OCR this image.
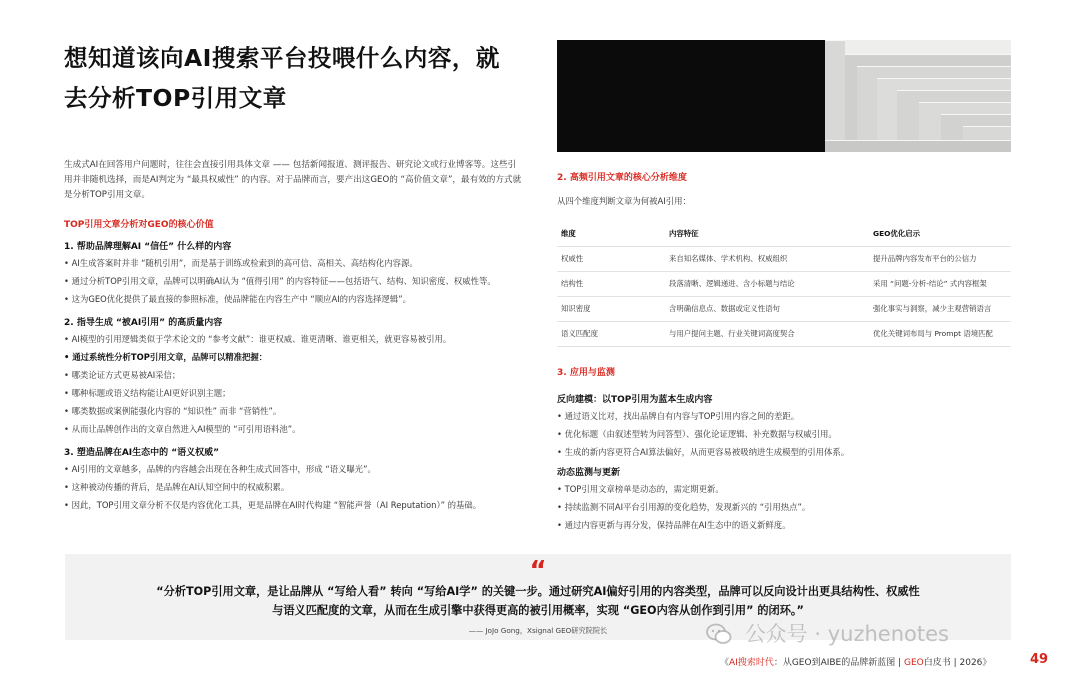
想知道该向AI搜索平台投喂什么内容，就
去分析TOP引用文章

生成式AI在回答用户问题时，往往会直接引用具体文章 —— 包括新闻报道、测评报告、研究论文或行业博客等。这些引用并非随机选择，而是AI判定为 “最具权威性” 的内容。对于品牌而言，要产出这GEO的 “高价值文章”，最有效的方式就是分析TOP引用文章。

TOP引用文章分析对GEO的核心价值
1. 帮助品牌理解AI “信任” 什么样的内容
• AI生成答案时并非 “随机引用”，而是基于训练或检索到的高可信、高相关、高结构化内容源。
• 通过分析TOP引用文章，品牌可以明确AI认为 “值得引用” 的内容特征——包括语气、结构、知识密度、权威性等。
• 这为GEO优化提供了最直接的参照标准，使品牌能在内容生产中 “顺应AI的内容选择逻辑”。
2. 指导生成 “被AI引用” 的高质量内容
• AI模型的引用逻辑类似于学术论文的 “参考文献”：谁更权威、谁更清晰、谁更相关，就更容易被引用。
• 通过系统性分析TOP引用文章，品牌可以精准把握：
• 哪类论证方式更易被AI采信；
• 哪种标题或语义结构能让AI更好识别主题；
• 哪类数据或案例能强化内容的 “知识性” 而非 “营销性”。
• 从而让品牌创作出的文章自然进入AI模型的 “可引用语料池”。
3. 塑造品牌在AI生态中的 “语义权威”
• AI引用的文章越多，品牌的内容越会出现在各种生成式回答中，形成 “语义曝光”。
• 这种被动传播的背后，是品牌在AI认知空间中的权威积累。
• 因此，TOP引用文章分析不仅是内容优化工具，更是品牌在AI时代构建 “智能声誉（AI Reputation）” 的基础。
2. 高频引用文章的核心分析维度
从四个维度判断文章为何被AI引用：
维度	内容特征	GEO优化启示
权威性	来自知名媒体、学术机构、权威组织	提升品牌内容发布平台的公信力
结构性	段落清晰、逻辑递进、含小标题与结论	采用 “问题-分析-结论” 式内容框架
知识密度	含明确信息点、数据或定义性语句	强化事实与洞察，减少主观营销语言
语义匹配度	与用户提问主题、行业关键词高度契合	优化关键词布局与 Prompt 语境匹配
3. 应用与监测
反向建模：以TOP引用为蓝本生成内容
• 通过语义比对，找出品牌自有内容与TOP引用内容之间的差距。
• 优化标题（由叙述型转为问答型）、强化论证逻辑、补充数据与权威引用。
• 生成的新内容更符合AI算法偏好，从而更容易被吸纳进生成模型的引用体系。
动态监测与更新
• TOP引用文章榜单是动态的，需定期更新。
• 持续监测不同AI平台引用源的变化趋势，发现新兴的 “引用热点”。
• 通过内容更新与再分发，保持品牌在AI生态中的语义新鲜度。
“
“分析TOP引用文章，是让品牌从 “写给人看” 转向 “写给AI学” 的关键一步。通过研究AI偏好引用的内容类型，品牌可以反向设计出更具结构性、权威性
与语义匹配度的文章，从而在生成引擎中获得更高的被引用概率，实现 “GEO内容从创作到引用” 的闭环。”
—— JoJo Gong，Xsignal GEO研究院院长	公众号 · yuzhenotes
《AI搜索时代：从GEO到AIBE的品牌新蓝图 | GEO白皮书 | 2026》	49
